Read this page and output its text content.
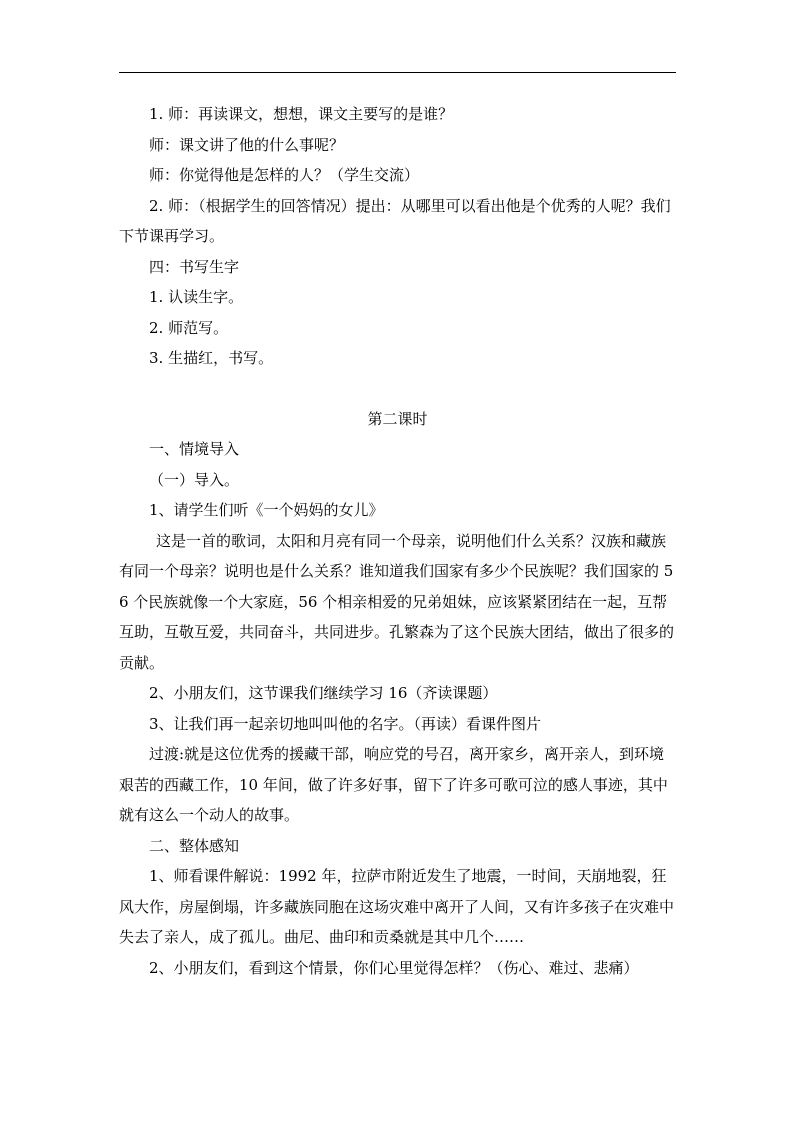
1. 师：再读课文，想想，课文主要写的是谁？

师：课文讲了他的什么事呢？

师：你觉得他是怎样的人？（学生交流）

2. 师：（根据学生的回答情况）提出：从哪里可以看出他是个优秀的人呢？我们下节课再学习。

四：书写生字

1. 认读生字。

2. 师范写。

3. 生描红，书写。

第二课时

一、情境导入

（一）导入。

1、请学生们听《一个妈妈的女儿》

这是一首的歌词，太阳和月亮有同一个母亲，说明他们什么关系？汉族和藏族有同一个母亲？说明也是什么关系？谁知道我们国家有多少个民族呢？我们国家的 56 个民族就像一个大家庭，56 个相亲相爱的兄弟姐妹，应该紧紧团结在一起，互帮互助，互敬互爱，共同奋斗，共同进步。孔繁森为了这个民族大团结，做出了很多的贡献。

2、小朋友们，这节课我们继续学习 16（齐读课题）

3、让我们再一起亲切地叫叫他的名字。（再读）看课件图片

过渡:就是这位优秀的援藏干部，响应党的号召，离开家乡，离开亲人，到环境艰苦的西藏工作，10 年间，做了许多好事，留下了许多可歌可泣的感人事迹，其中就有这么一个动人的故事。

二、整体感知

1、师看课件解说：1992 年，拉萨市附近发生了地震，一时间，天崩地裂，狂风大作，房屋倒塌，许多藏族同胞在这场灾难中离开了人间，又有许多孩子在灾难中失去了亲人，成了孤儿。曲尼、曲印和贡桑就是其中几个……

2、小朋友们，看到这个情景，你们心里觉得怎样？（伤心、难过、悲痛）
